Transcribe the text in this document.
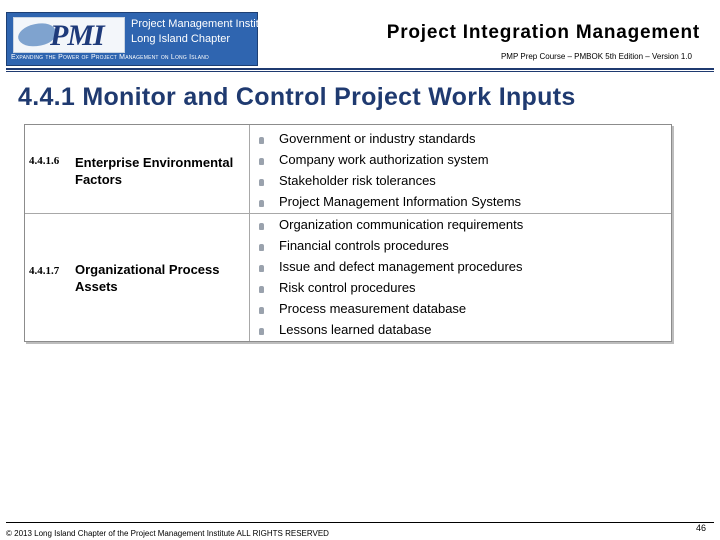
PMI Project Management Institute
Long Island Chapter
Expanding the Power of Project Management on Long Island
Project Integration Management
PMP Prep Course – PMBOK 5th Edition – Version 1.0
4.4.1 Monitor and Control Project Work Inputs
4.4.1.6 Enterprise Environmental Factors
Government or industry standards
Company work authorization system
Stakeholder risk tolerances
Project Management Information Systems
4.4.1.7 Organizational Process Assets
Organization communication requirements
Financial controls procedures
Issue and defect management procedures
Risk control procedures
Process measurement database
Lessons learned database
© 2013 Long Island Chapter of the Project Management Institute ALL RIGHTS RESERVED
46
